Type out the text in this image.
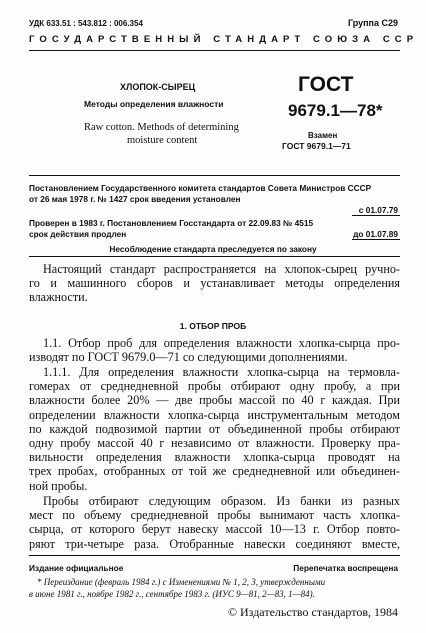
УДК 633.51 : 543.812 : 006.354	Группа С29
ГОСУДАРСТВЕННЫЙ СТАНДАРТ СОЮЗА ССР
ХЛОПОК-СЫРЕЦ
Методы определения влажности
Raw cotton. Methods of determining
moisture content
ГОСТ
9679.1—78*
Взамен
ГОСТ 9679.1—71
Постановлением Государственного комитета стандартов Совета Министров СССР
от 26 мая 1978 г. № 1427 срок введения установлен
с 01.07.79
Проверен в 1983 г. Постановлением Госстандарта от 22.09.83 № 4515
срок действия продлен	до 01.07.89
Несоблюдение стандарта преследуется по закону
Настоящий стандарт распространяется на хлопок-сырец ручно-
го и машинного сборов и устанавливает методы определения
влажности.
1. ОТБОР ПРОБ
1.1. Отбор проб для определения влажности хлопка-сырца про-
изводят по ГОСТ 9679.0—71 со следующими дополнениями.
1.1.1. Для определения влажности хлопка-сырца на термовла-
гомерах от среднедневной пробы отбирают одну пробу, а при
влажности более 20% — две пробы массой по 40 г каждая. При
определении влажности хлопка-сырца инструментальным методом
по каждой подвозимой партии от объединенной пробы отбирают
одну пробу массой 40 г независимо от влажности. Проверку пра-
вильности определения влажности хлопка-сырца проводят на
трех пробах, отобранных от той же среднедневной или объединен-
ной пробы.
Пробы отбирают следующим образом. Из банки из разных
мест по объему среднедневной пробы вынимают часть хлопка-
сырца, от которого берут навеску массой 10—13 г. Отбор повто-
ряют три-четыре раза. Отобранные навески соединяют вместе,
Издание официальное	Перепечатка воспрещена
* Переиздание (февраль 1984 г.) с Изменениями № 1, 2, 3, утвержденными
в июне 1981 г., ноябре 1982 г., сентябре 1983 г. (ИУС 9—81, 2—83, 1—84).
© Издательство стандартов, 1984
